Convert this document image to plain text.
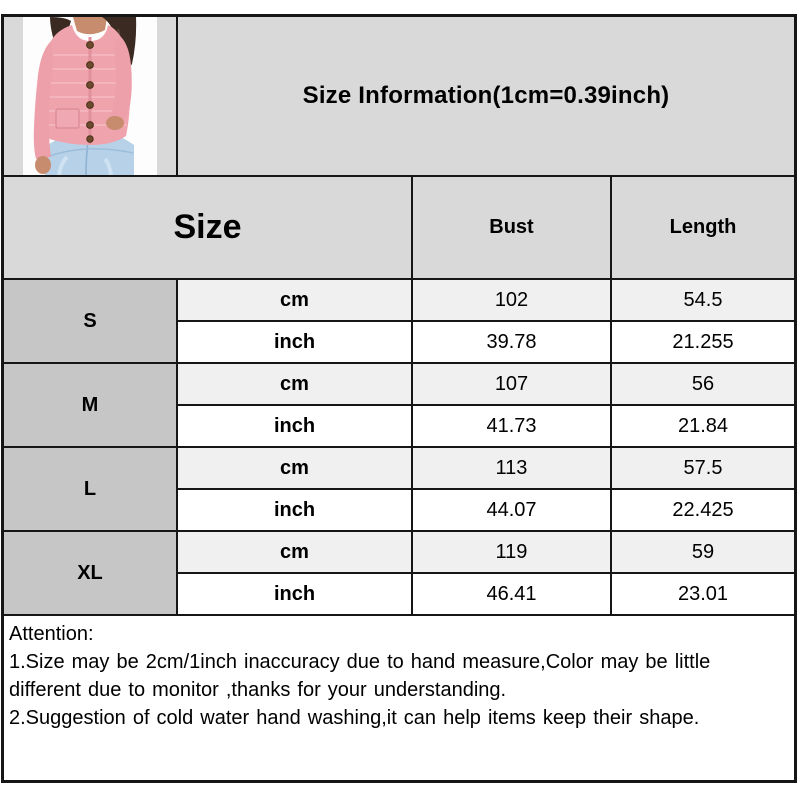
Size Information(1cm=0.39inch)
Size	Bust	Length
S
cm	102	54.5
inch	39.78	21.255
M
cm	107	56
inch	41.73	21.84
L
cm	113	57.5
inch	44.07	22.425
XL
cm	119	59
inch	46.41	23.01

Attention:

1.Size may be 2cm/1inch inaccuracy due to hand measure,Color may be little different due to monitor ,thanks for your understanding.

2.Suggestion of cold water hand washing,it can help items keep their shape.
